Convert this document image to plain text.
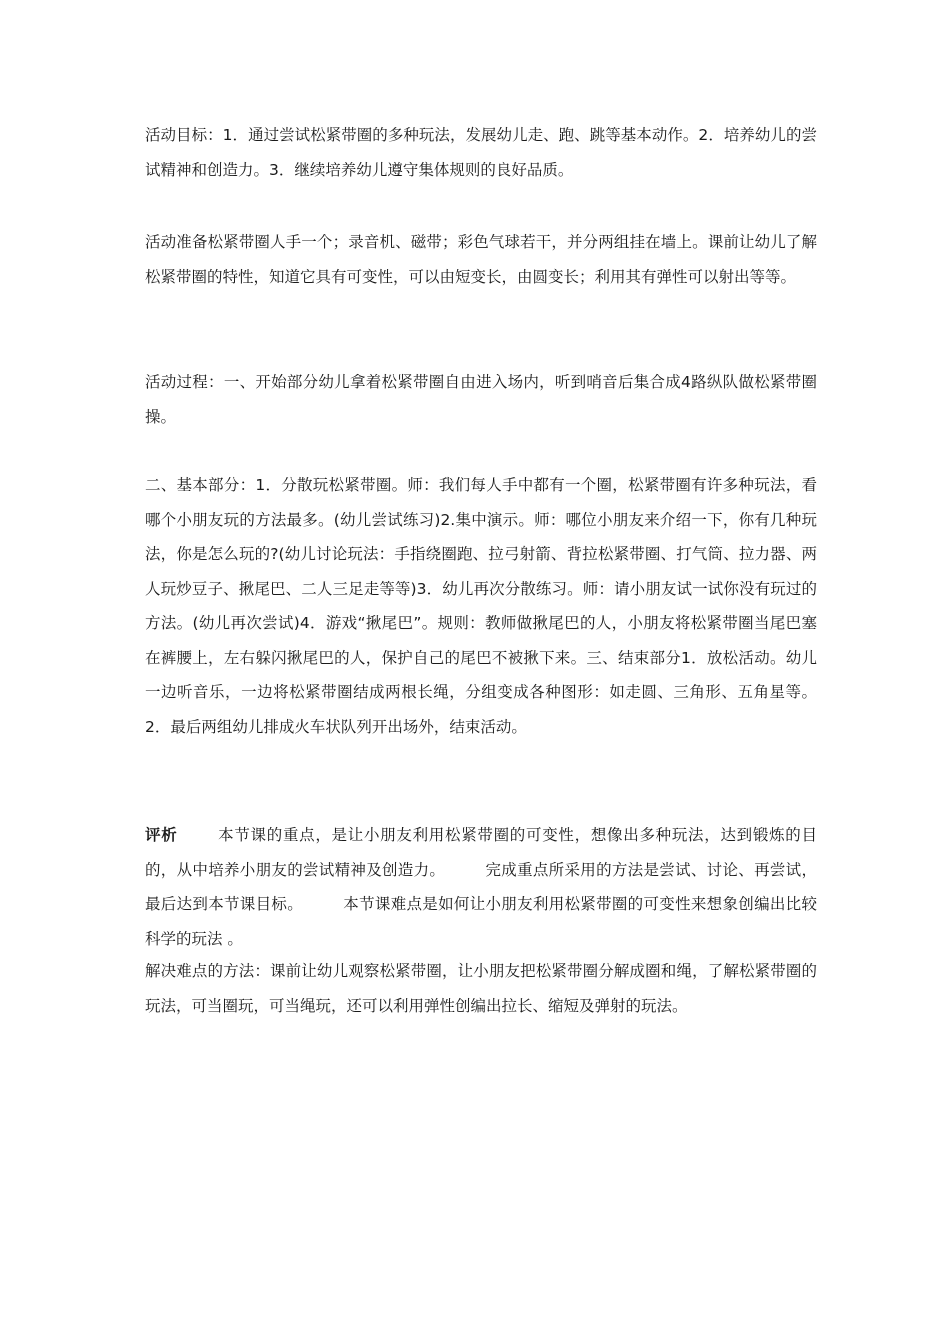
活动目标：1．通过尝试松紧带圈的多种玩法，发展幼儿走、跑、跳等基本动作。2．培养幼儿的尝试精神和创造力。3．继续培养幼儿遵守集体规则的良好品质。

活动准备松紧带圈人手一个；录音机、磁带；彩色气球若干，并分两组挂在墙上。课前让幼儿了解松紧带圈的特性，知道它具有可变性，可以由短变长，由圆变长；利用其有弹性可以射出等等。

活动过程：一、开始部分幼儿拿着松紧带圈自由进入场内，听到哨音后集合成4路纵队做松紧带圈操。

二、基本部分：1．分散玩松紧带圈。师：我们每人手中都有一个圈，松紧带圈有许多种玩法，看哪个小朋友玩的方法最多。(幼儿尝试练习)2.集中演示。师：哪位小朋友来介绍一下，你有几种玩法，你是怎么玩的?(幼儿讨论玩法：手指绕圈跑、拉弓射箭、背拉松紧带圈、打气筒、拉力器、两人玩炒豆子、揪尾巴、二人三足走等等)3．幼儿再次分散练习。师：请小朋友试一试你没有玩过的方法。(幼儿再次尝试)4．游戏“揪尾巴”。规则：教师做揪尾巴的人，小朋友将松紧带圈当尾巴塞在裤腰上，左右躲闪揪尾巴的人，保护自己的尾巴不被揪下来。三、结束部分1．放松活动。幼儿一边听音乐，一边将松紧带圈结成两根长绳，分组变成各种图形：如走圆、三角形、五角星等。2．最后两组幼儿排成火车状队列开出场外，结束活动。

评析	本节课的重点，是让小朋友利用松紧带圈的可变性，想像出多种玩法，达到锻炼的目的，从中培养小朋友的尝试精神及创造力。	完成重点所采用的方法是尝试、讨论、再尝试，最后达到本节课目标。	本节课难点是如何让小朋友利用松紧带圈的可变性来想象创编出比较科学的玩法 。

解决难点的方法：课前让幼儿观察松紧带圈，让小朋友把松紧带圈分解成圈和绳，了解松紧带圈的玩法，可当圈玩，可当绳玩，还可以利用弹性创编出拉长、缩短及弹射的玩法。
